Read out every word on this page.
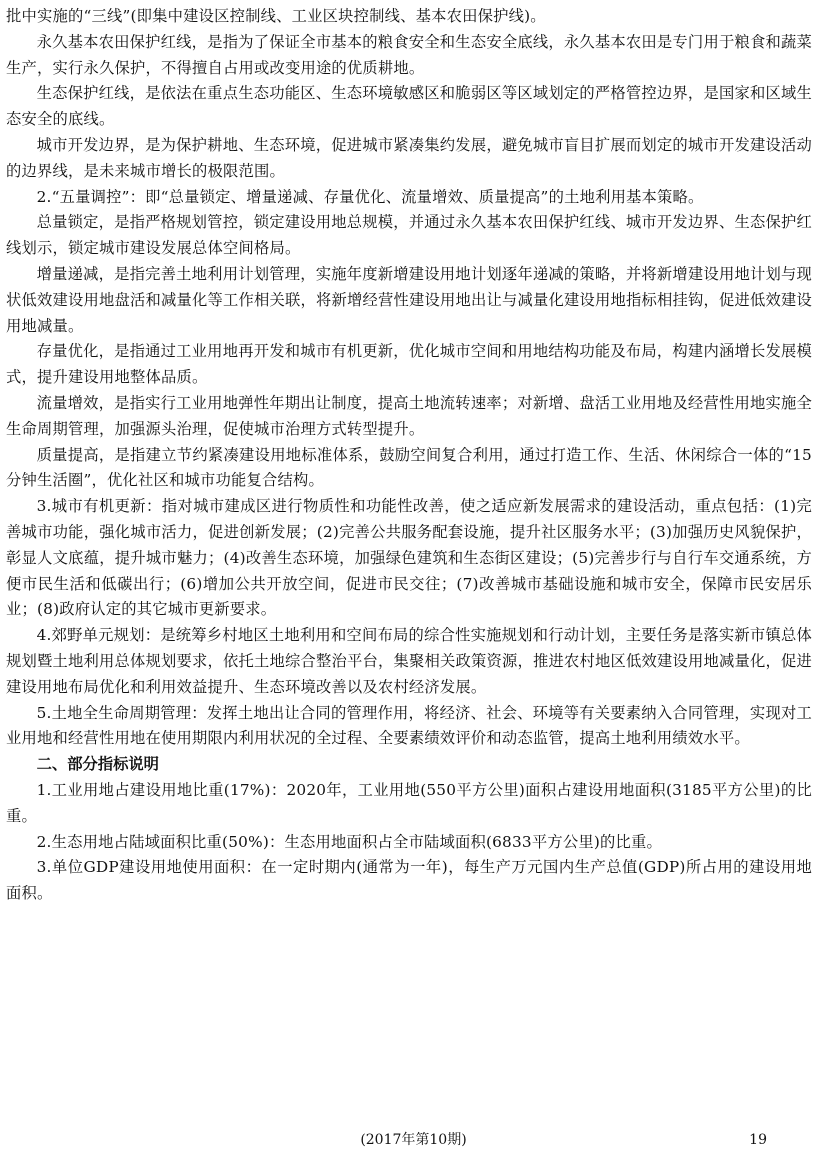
批中实施的“三线”(即集中建设区控制线、工业区块控制线、基本农田保护线)。

永久基本农田保护红线，是指为了保证全市基本的粮食安全和生态安全底线，永久基本农田是专门用于粮食和蔬菜生产，实行永久保护，不得擅自占用或改变用途的优质耕地。

生态保护红线，是依法在重点生态功能区、生态环境敏感区和脆弱区等区域划定的严格管控边界，是国家和区域生态安全的底线。

城市开发边界，是为保护耕地、生态环境，促进城市紧凑集约发展，避免城市盲目扩展而划定的城市开发建设活动的边界线，是未来城市增长的极限范围。

2.“五量调控”：即“总量锁定、增量递减、存量优化、流量增效、质量提高”的土地利用基本策略。

总量锁定，是指严格规划管控，锁定建设用地总规模，并通过永久基本农田保护红线、城市开发边界、生态保护红线划示，锁定城市建设发展总体空间格局。

增量递减，是指完善土地利用计划管理，实施年度新增建设用地计划逐年递减的策略，并将新增建设用地计划与现状低效建设用地盘活和减量化等工作相关联，将新增经营性建设用地出让与减量化建设用地指标相挂钩，促进低效建设用地减量。

存量优化，是指通过工业用地再开发和城市有机更新，优化城市空间和用地结构功能及布局，构建内涵增长发展模式，提升建设用地整体品质。

流量增效，是指实行工业用地弹性年期出让制度，提高土地流转速率；对新增、盘活工业用地及经营性用地实施全生命周期管理，加强源头治理，促使城市治理方式转型提升。

质量提高，是指建立节约紧凑建设用地标准体系，鼓励空间复合利用，通过打造工作、生活、休闲综合一体的“15分钟生活圈”，优化社区和城市功能复合结构。

3.城市有机更新：指对城市建成区进行物质性和功能性改善，使之适应新发展需求的建设活动，重点包括：(1)完善城市功能，强化城市活力，促进创新发展；(2)完善公共服务配套设施，提升社区服务水平；(3)加强历史风貌保护，彰显人文底蕴，提升城市魅力；(4)改善生态环境，加强绿色建筑和生态街区建设；(5)完善步行与自行车交通系统，方便市民生活和低碳出行；(6)增加公共开放空间，促进市民交往；(7)改善城市基础设施和城市安全，保障市民安居乐业；(8)政府认定的其它城市更新要求。

4.郊野单元规划：是统筹乡村地区土地利用和空间布局的综合性实施规划和行动计划，主要任务是落实新市镇总体规划暨土地利用总体规划要求，依托土地综合整治平台，集聚相关政策资源，推进农村地区低效建设用地减量化，促进建设用地布局优化和利用效益提升、生态环境改善以及农村经济发展。

5.土地全生命周期管理：发挥土地出让合同的管理作用，将经济、社会、环境等有关要素纳入合同管理，实现对工业用地和经营性用地在使用期限内利用状况的全过程、全要素绩效评价和动态监管，提高土地利用绩效水平。

二、部分指标说明

1.工业用地占建设用地比重(17%)：2020年，工业用地(550平方公里)面积占建设用地面积(3185平方公里)的比重。

2.生态用地占陆域面积比重(50%)：生态用地面积占全市陆域面积(6833平方公里)的比重。

3.单位GDP建设用地使用面积：在一定时期内(通常为一年)，每生产万元国内生产总值(GDP)所占用的建设用地面积。

(2017年第10期)	19
